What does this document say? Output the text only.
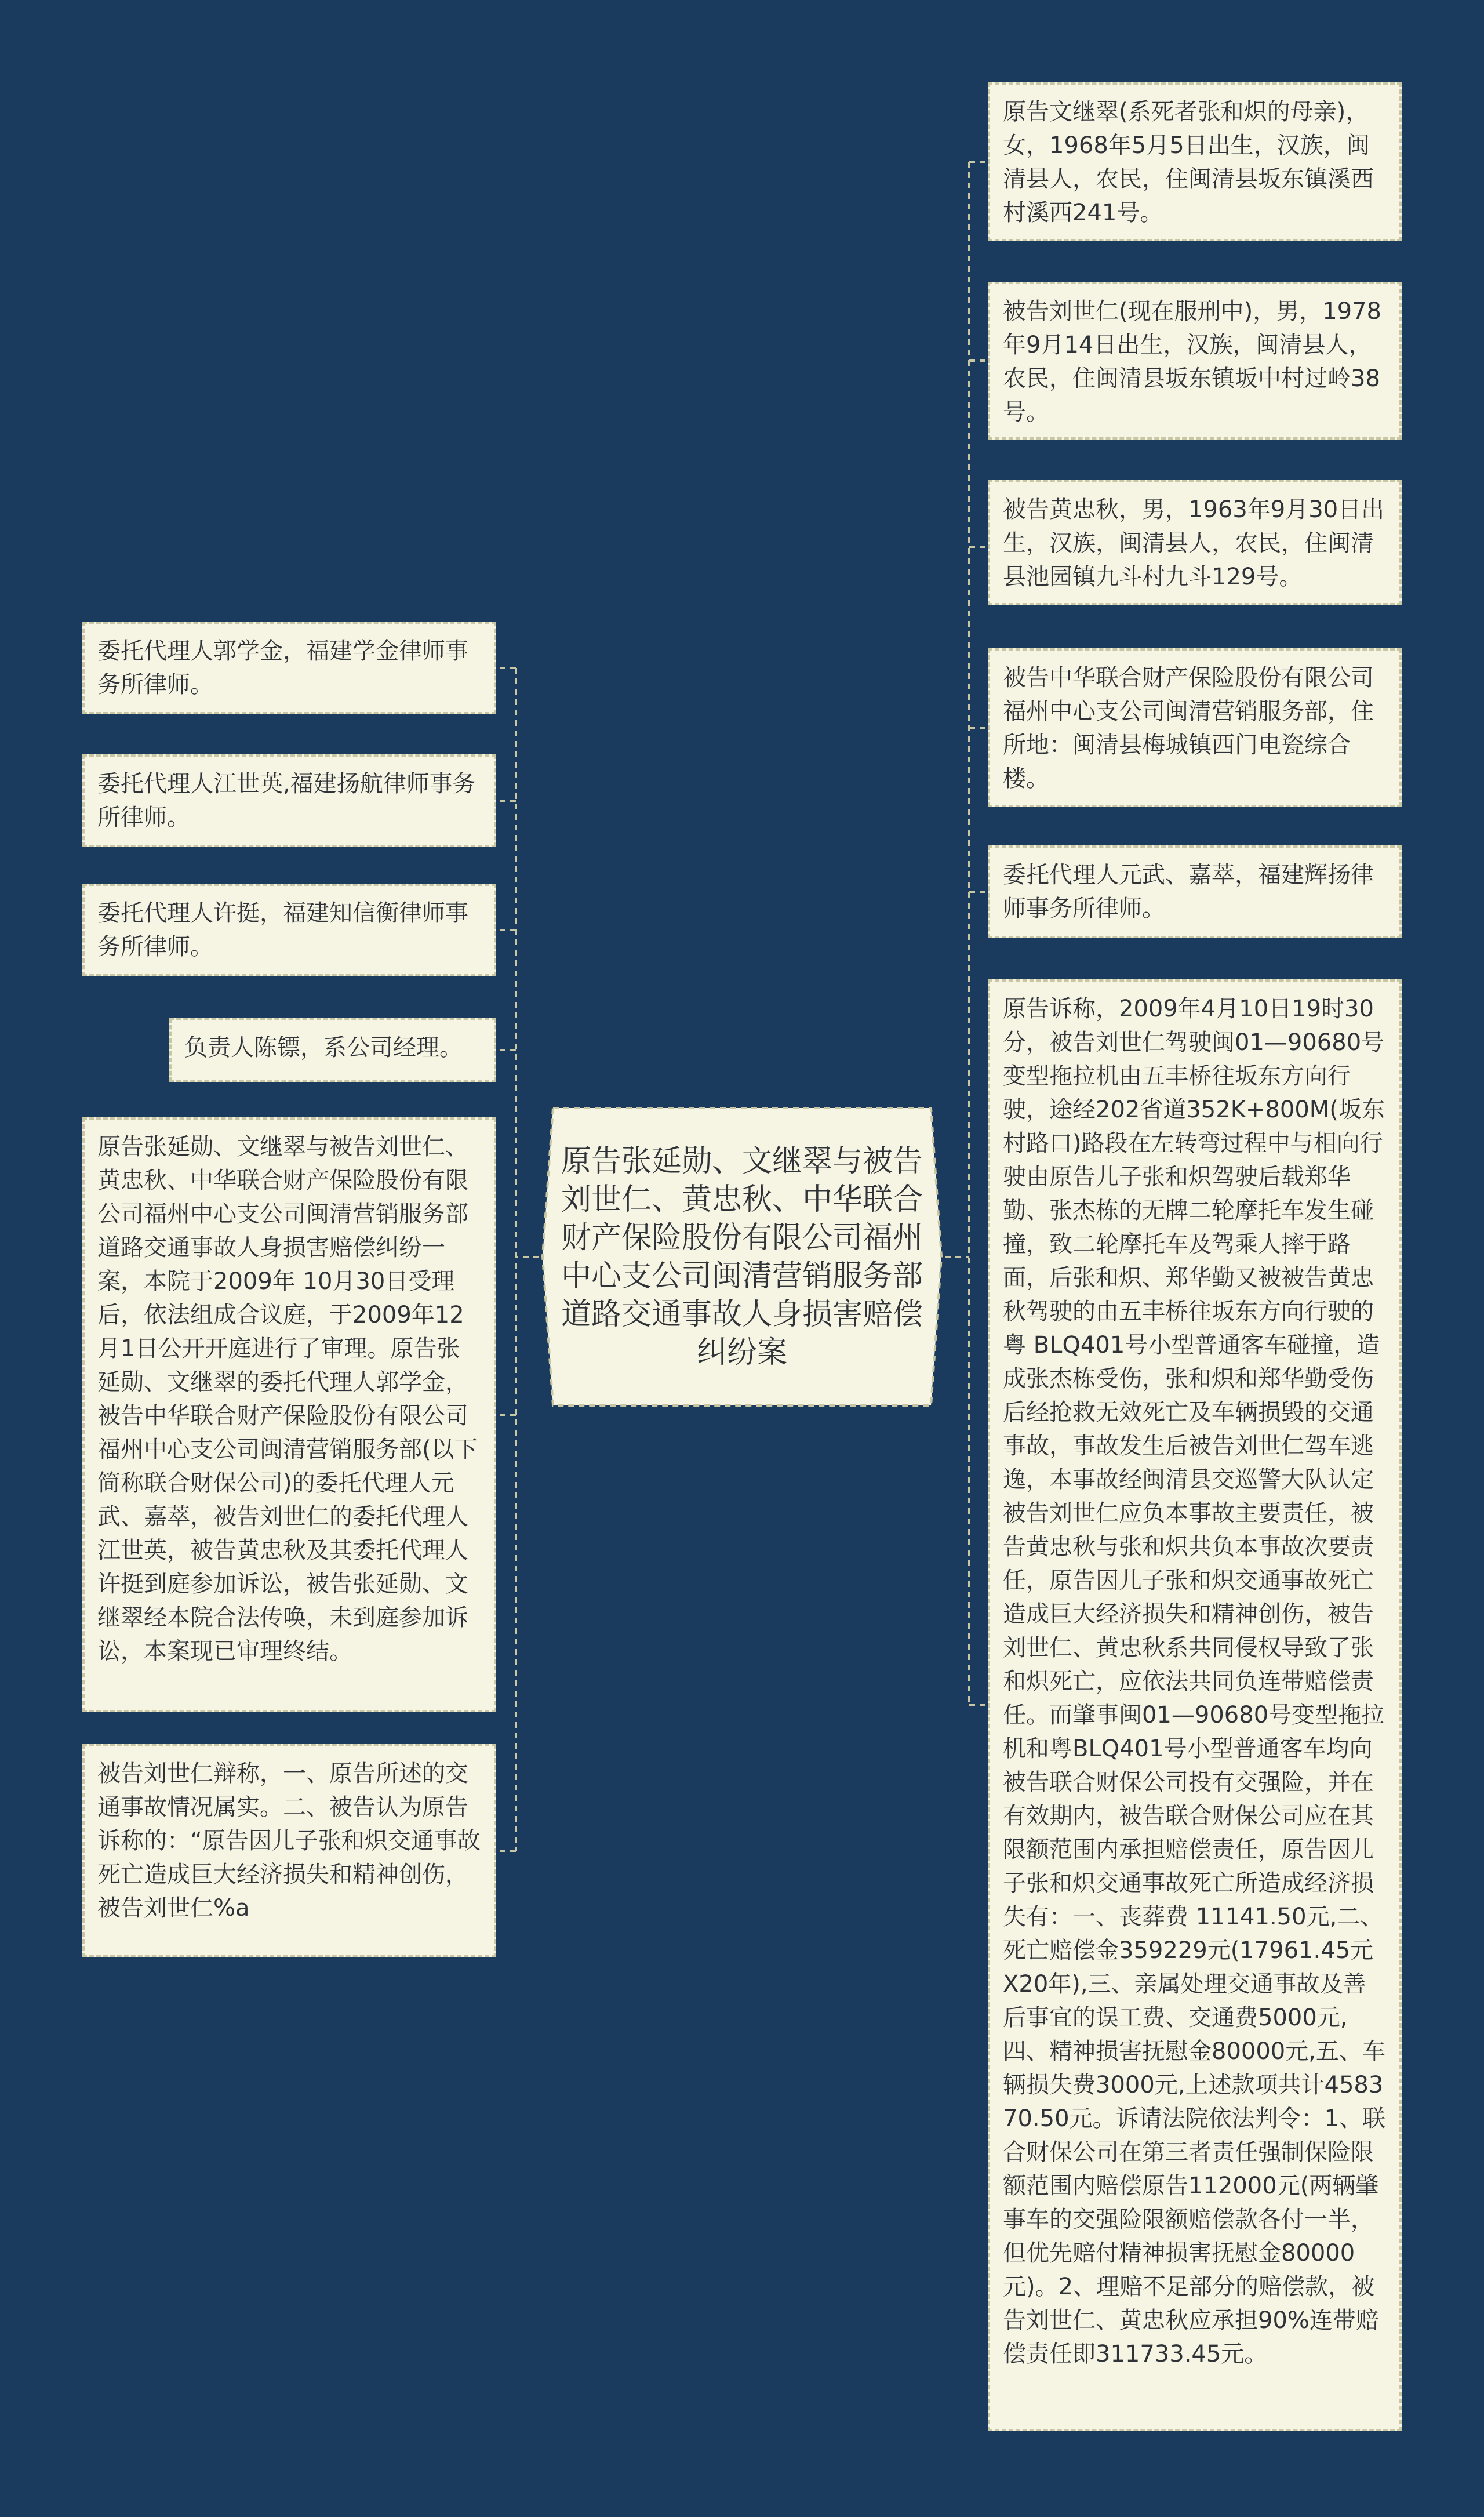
原告张延勋、文继翠与被告刘世仁、黄忠秋、中华联合财产保险股份有限公司福州中心支公司闽清营销服务部道路交通事故人身损害赔偿纠纷案
委托代理人郭学金，福建学金律师事务所律师。
委托代理人江世英,福建扬航律师事务所律师。
委托代理人许挺，福建知信衡律师事务所律师。
负责人陈镖，系公司经理。
原告张延勋、文继翠与被告刘世仁、黄忠秋、中华联合财产保险股份有限公司福州中心支公司闽清营销服务部道路交通事故人身损害赔偿纠纷一案，本院于2009年 10月30日受理后，依法组成合议庭，于2009年12月1日公开开庭进行了审理。原告张延勋、文继翠的委托代理人郭学金，被告中华联合财产保险股份有限公司福州中心支公司闽清营销服务部(以下简称联合财保公司)的委托代理人元武、嘉萃，被告刘世仁的委托代理人江世英，被告黄忠秋及其委托代理人许挺到庭参加诉讼，被告张延勋、文继翠经本院合法传唤，未到庭参加诉讼，本案现已审理终结。
被告刘世仁辩称，一、原告所述的交通事故情况属实。二、被告认为原告诉称的：“原告因儿子张和炽交通事故死亡造成巨大经济损失和精神创伤，被告刘世仁%a
原告文继翠(系死者张和炽的母亲)，女，1968年5月5日出生，汉族，闽清县人，农民，住闽清县坂东镇溪西村溪西241号。
被告刘世仁(现在服刑中)，男，1978年9月14日出生，汉族，闽清县人，农民，住闽清县坂东镇坂中村过岭38号。
被告黄忠秋，男，1963年9月30日出生，汉族，闽清县人，农民，住闽清县池园镇九斗村九斗129号。
被告中华联合财产保险股份有限公司福州中心支公司闽清营销服务部，住所地：闽清县梅城镇西门电瓷综合楼。
委托代理人元武、嘉萃，福建辉扬律师事务所律师。
原告诉称，2009年4月10日19时30分，被告刘世仁驾驶闽01—90680号变型拖拉机由五丰桥往坂东方向行驶，途经202省道352K+800M(坂东村路口)路段在左转弯过程中与相向行驶由原告儿子张和炽驾驶后载郑华勤、张杰栋的无牌二轮摩托车发生碰撞，致二轮摩托车及驾乘人摔于路面，后张和炽、郑华勤又被被告黄忠秋驾驶的由五丰桥往坂东方向行驶的粤 BLQ401号小型普通客车碰撞，造成张杰栋受伤，张和炽和郑华勤受伤后经抢救无效死亡及车辆损毁的交通事故，事故发生后被告刘世仁驾车逃逸，本事故经闽清县交巡警大队认定被告刘世仁应负本事故主要责任，被告黄忠秋与张和炽共负本事故次要责任，原告因儿子张和炽交通事故死亡造成巨大经济损失和精神创伤，被告刘世仁、黄忠秋系共同侵权导致了张和炽死亡，应依法共同负连带赔偿责任。而肇事闽01—90680号变型拖拉机和粤BLQ401号小型普通客车均向被告联合财保公司投有交强险，并在有效期内，被告联合财保公司应在其限额范围内承担赔偿责任，原告因儿子张和炽交通事故死亡所造成经济损失有：一、丧葬费 11141.50元,二、死亡赔偿金359229元(17961.45元X20年),三、亲属处理交通事故及善后事宜的误工费、交通费5000元,四、精神损害抚慰金80000元,五、车辆损失费3000元,上述款项共计458370.50元。诉请法院依法判令：1、联合财保公司在第三者责任强制保险限额范围内赔偿原告112000元(两辆肇事车的交强险限额赔偿款各付一半，但优先赔付精神损害抚慰金80000元)。2、理赔不足部分的赔偿款，被告刘世仁、黄忠秋应承担90%连带赔偿责任即311733.45元。
